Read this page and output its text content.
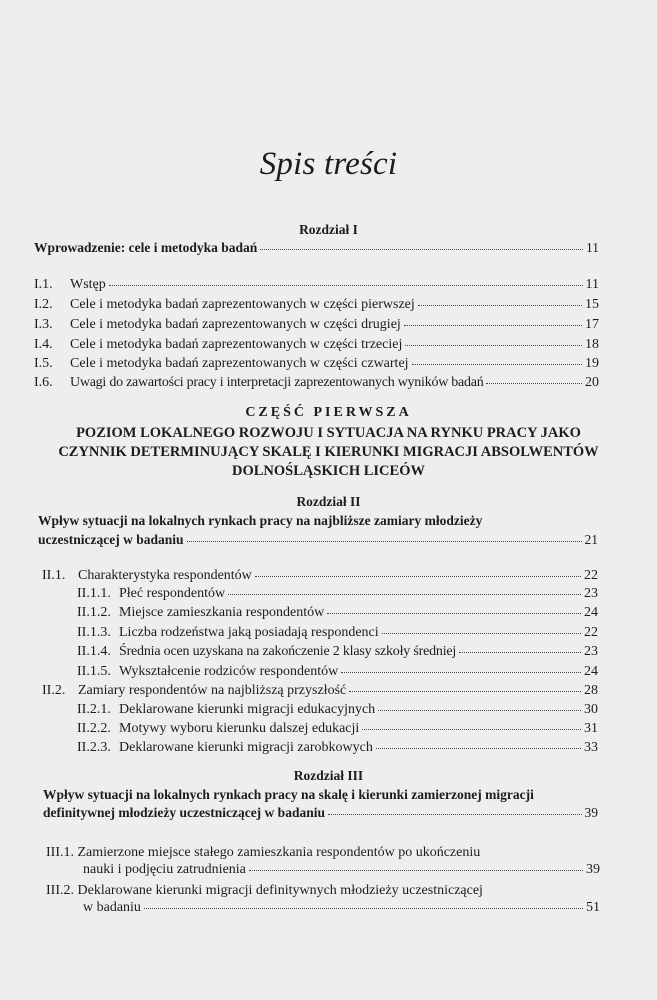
Spis treści
Rozdział I
Wprowadzenie: cele i metodyka badań	11
I.1.	Wstęp	11
I.2.	Cele i metodyka badań zaprezentowanych w części pierwszej	15
I.3.	Cele i metodyka badań zaprezentowanych w części drugiej	17
I.4.	Cele i metodyka badań zaprezentowanych w części trzeciej	18
I.5.	Cele i metodyka badań zaprezentowanych w części czwartej	19
I.6.	Uwagi do zawartości pracy i interpretacji zaprezentowanych wyników badań	20
CZĘŚĆ PIERWSZA
POZIOM LOKALNEGO ROZWOJU I SYTUACJA NA RYNKU PRACY JAKO
CZYNNIK DETERMINUJĄCY SKALĘ I KIERUNKI MIGRACJI ABSOLWENTÓW
DOLNOŚLĄSKICH LICEÓW
Rozdział II
Wpływ sytuacji na lokalnych rynkach pracy na najbliższe zamiary młodzieży
uczestniczącej w badaniu	21
II.1. Charakterystyka respondentów	22
II.1.1. Płeć respondentów	23
II.1.2. Miejsce zamieszkania respondentów	24
II.1.3. Liczba rodzeństwa jaką posiadają respondenci	22
II.1.4. Średnia ocen uzyskana na zakończenie 2 klasy szkoły średniej	23
II.1.5. Wykształcenie rodziców respondentów	24
II.2. Zamiary respondentów na najbliższą przyszłość	28
II.2.1. Deklarowane kierunki migracji edukacyjnych	30
II.2.2. Motywy wyboru kierunku dalszej edukacji	31
II.2.3. Deklarowane kierunki migracji zarobkowych	33
Rozdział III
Wpływ sytuacji na lokalnych rynkach pracy na skalę i kierunki zamierzonej migracji
definitywnej młodzieży uczestniczącej w badaniu	39
III.1. Zamierzone miejsce stałego zamieszkania respondentów po ukończeniu
nauki i podjęciu zatrudnienia	39
III.2. Deklarowane kierunki migracji definitywnych młodzieży uczestniczącej
w badaniu	51
